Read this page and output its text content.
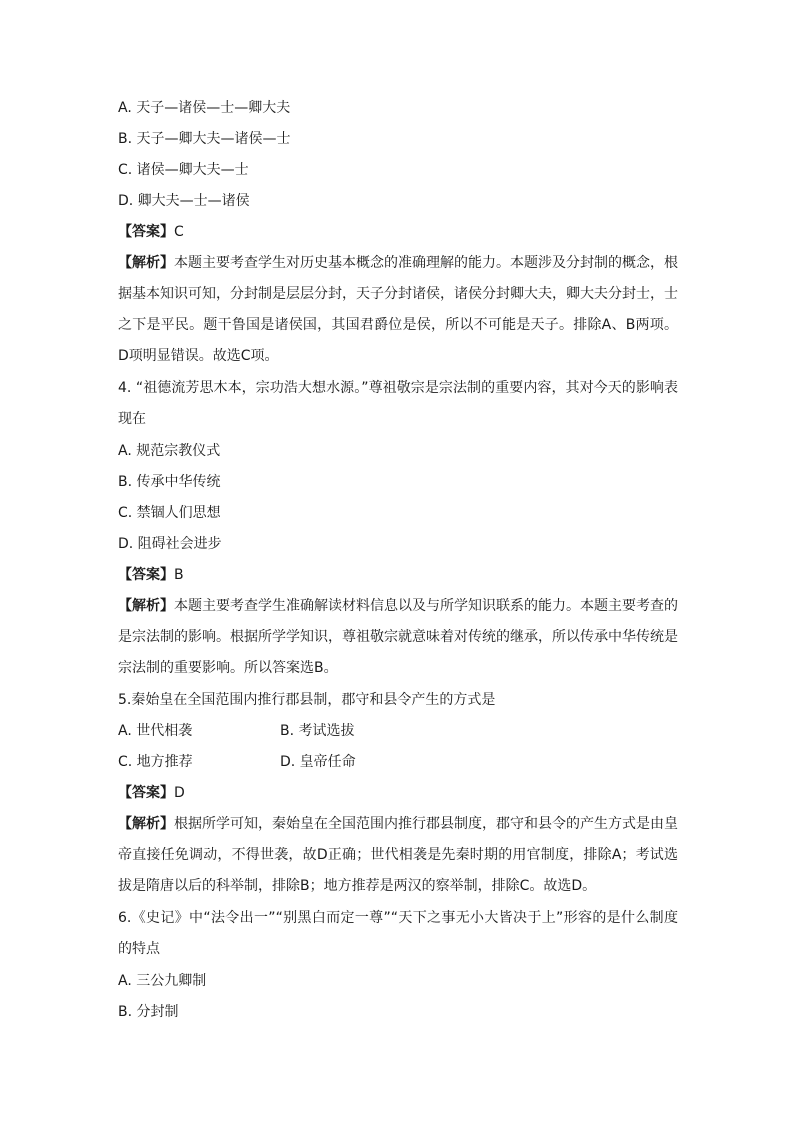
A. 天子—诸侯—士—卿大夫
B. 天子—卿大夫—诸侯—士
C. 诸侯—卿大夫—士
D. 卿大夫—士—诸侯
【答案】C
【解析】本题主要考查学生对历史基本概念的准确理解的能力。本题涉及分封制的概念，根据基本知识可知，分封制是层层分封，天子分封诸侯，诸侯分封卿大夫，卿大夫分封士，士之下是平民。题干鲁国是诸侯国，其国君爵位是侯，所以不可能是天子。排除A、B两项。D项明显错误。故选C项。
4. “祖德流芳思木本，宗功浩大想水源。”尊祖敬宗是宗法制的重要内容，其对今天的影响表现在
A. 规范宗教仪式
B. 传承中华传统
C. 禁锢人们思想
D. 阻碍社会进步
【答案】B
【解析】本题主要考查学生准确解读材料信息以及与所学知识联系的能力。本题主要考查的是宗法制的影响。根据所学学知识，尊祖敬宗就意味着对传统的继承，所以传承中华传统是宗法制的重要影响。所以答案选B。
5.秦始皇在全国范围内推行郡县制，郡守和县令产生的方式是
A. 世代相袭	B. 考试选拔
C. 地方推荐	D. 皇帝任命
【答案】D
【解析】根据所学可知，秦始皇在全国范围内推行郡县制度，郡守和县令的产生方式是由皇帝直接任免调动，不得世袭，故D正确；世代相袭是先秦时期的用官制度，排除A；考试选拔是隋唐以后的科举制，排除B；地方推荐是两汉的察举制，排除C。故选D。
6.《史记》中“法令出一”“别黑白而定一尊”“天下之事无小大皆决于上”形容的是什么制度的特点
A. 三公九卿制
B. 分封制
